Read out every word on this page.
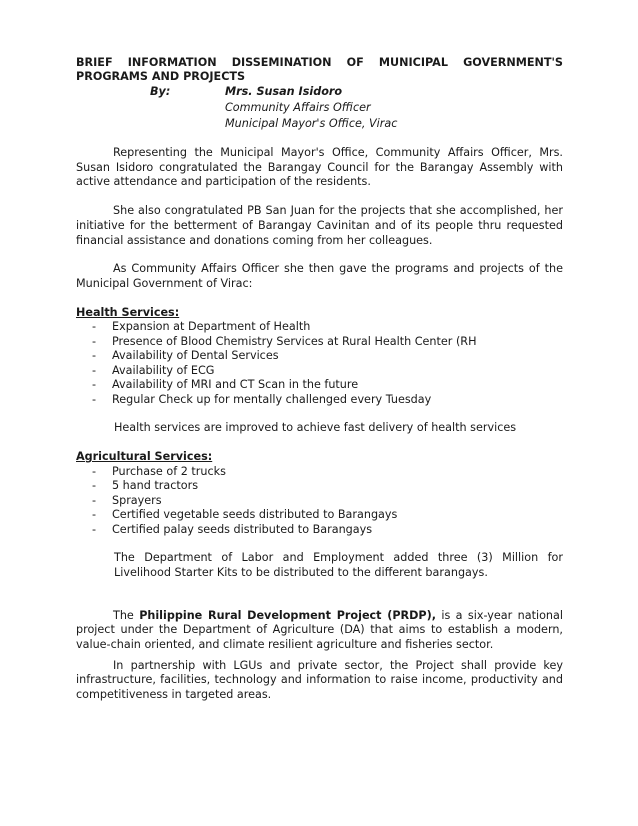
BRIEF INFORMATION DISSEMINATION OF MUNICIPAL GOVERNMENT'S PROGRAMS AND PROJECTS

By:	Mrs. Susan Isidoro
Community Affairs Officer
Municipal Mayor's Office, Virac

Representing the Municipal Mayor's Office, Community Affairs Officer, Mrs. Susan Isidoro congratulated the Barangay Council for the Barangay Assembly with active attendance and participation of the residents.

She also congratulated PB San Juan for the projects that she accomplished, her initiative for the betterment of Barangay Cavinitan and of its people thru requested financial assistance and donations coming from her colleagues.

As Community Affairs Officer she then gave the programs and projects of the Municipal Government of Virac:

Health Services:
-	Expansion at Department of Health
-	Presence of Blood Chemistry Services at Rural Health Center (RH
-	Availability of Dental Services
-	Availability of ECG
-	Availability of MRI and CT Scan in the future
-	Regular Check up for mentally challenged every Tuesday

Health services are improved to achieve fast delivery of health services

Agricultural Services:
-	Purchase of 2 trucks
-	5 hand tractors
-	Sprayers
-	Certified vegetable seeds distributed to Barangays
-	Certified palay seeds distributed to Barangays

The Department of Labor and Employment added three (3) Million for Livelihood Starter Kits to be distributed to the different barangays.

The Philippine Rural Development Project (PRDP), is a six-year national project under the Department of Agriculture (DA) that aims to establish a modern, value-chain oriented, and climate resilient agriculture and fisheries sector.

In partnership with LGUs and private sector, the Project shall provide key infrastructure, facilities, technology and information to raise income, productivity and competitiveness in targeted areas.
